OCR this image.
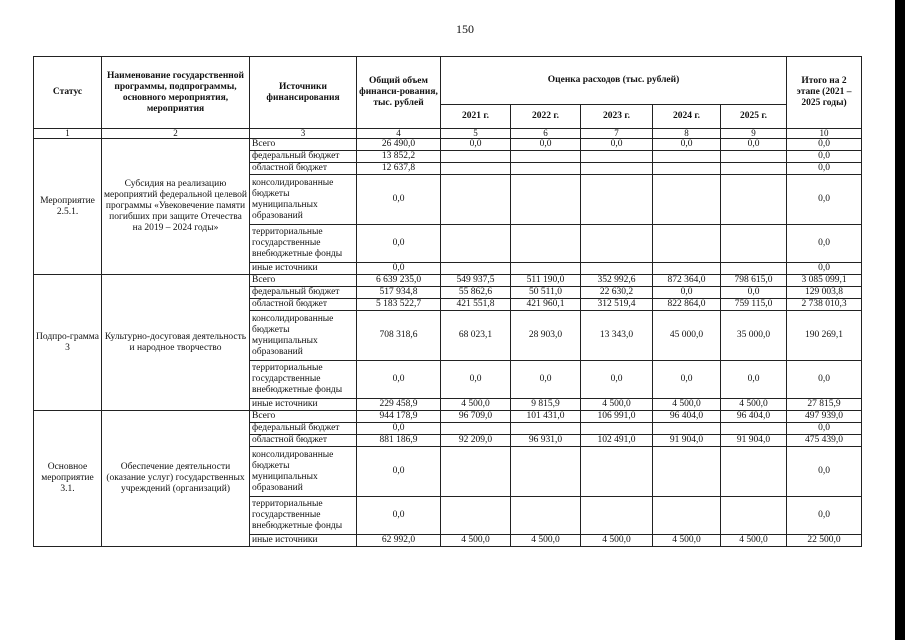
150
Статус	Наименование государственной программы, подпрограммы, основного мероприятия, мероприятия	Источники финансирования	Общий объем финанси-рования, тыс. рублей	Оценка расходов (тыс. рублей)					Итого на 2 этапе (2021 – 2025 годы)
				2021 г.	2022 г.	2023 г.	2024 г.	2025 г.	
1	2	3	4	5	6	7	8	9	10
Мероприятие 2.5.1.	Субсидия на реализацию мероприятий федеральной целевой программы «Увековечение памяти погибших при защите Отечества на 2019 – 2024 годы»	Всего	26 490,0	0,0	0,0	0,0	0,0	0,0	0,0
		федеральный бюджет	13 852,2						0,0
		областной бюджет	12 637,8						0,0
		консолидированные бюджеты муниципальных образований	0,0						0,0
		территориальные государственные внебюджетные фонды	0,0						0,0
		иные источники	0,0						0,0
Подпро-грамма 3	Культурно-досуговая деятельность и народное творчество	Всего	6 639 235,0	549 937,5	511 190,0	352 992,6	872 364,0	798 615,0	3 085 099,1
		федеральный бюджет	517 934,8	55 862,6	50 511,0	22 630,2	0,0	0,0	129 003,8
		областной бюджет	5 183 522,7	421 551,8	421 960,1	312 519,4	822 864,0	759 115,0	2 738 010,3
		консолидированные бюджеты муниципальных образований	708 318,6	68 023,1	28 903,0	13 343,0	45 000,0	35 000,0	190 269,1
		территориальные государственные внебюджетные фонды	0,0	0,0	0,0	0,0	0,0	0,0	0,0
		иные источники	229 458,9	4 500,0	9 815,9	4 500,0	4 500,0	4 500,0	27 815,9
Основное мероприятие 3.1.	Обеспечение деятельности (оказание услуг) государственных учреждений (организаций)	Всего	944 178,9	96 709,0	101 431,0	106 991,0	96 404,0	96 404,0	497 939,0
		федеральный бюджет	0,0						0,0
		областной бюджет	881 186,9	92 209,0	96 931,0	102 491,0	91 904,0	91 904,0	475 439,0
		консолидированные бюджеты муниципальных образований	0,0						0,0
		территориальные государственные внебюджетные фонды	0,0						0,0
		иные источники	62 992,0	4 500,0	4 500,0	4 500,0	4 500,0	4 500,0	22 500,0
